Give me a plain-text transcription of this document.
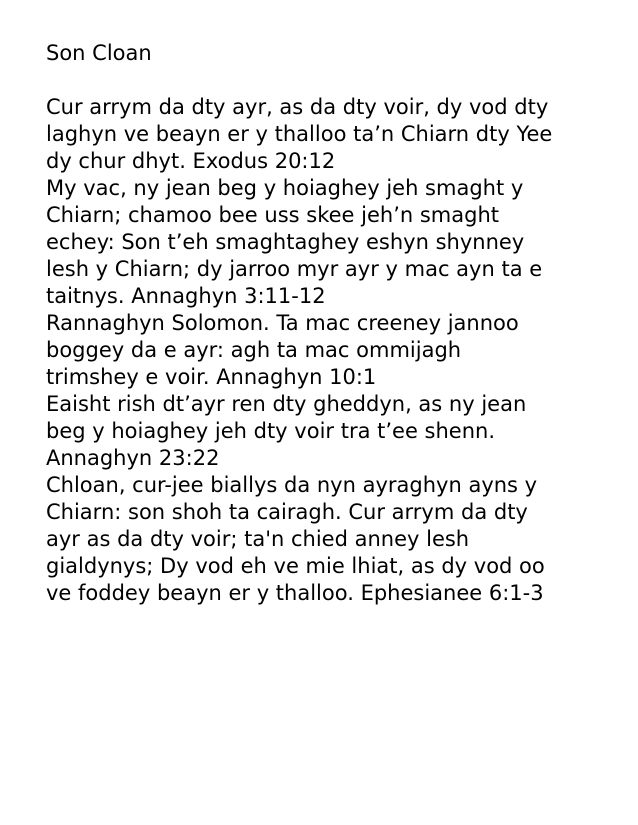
Son Cloan
Cur arrym da dty ayr, as da dty voir, dy vod dty
laghyn ve beayn er y thalloo ta’n Chiarn dty Yee
dy chur dhyt. Exodus 20:12
My vac, ny jean beg y hoiaghey jeh smaght y
Chiarn; chamoo bee uss skee jeh’n smaght
echey: Son t’eh smaghtaghey eshyn shynney
lesh y Chiarn; dy jarroo myr ayr y mac ayn ta e
taitnys. Annaghyn 3:11-12
Rannaghyn Solomon. Ta mac creeney jannoo
boggey da e ayr: agh ta mac ommijagh
trimshey e voir. Annaghyn 10:1
Eaisht rish dt’ayr ren dty gheddyn, as ny jean
beg y hoiaghey jeh dty voir tra t’ee shenn.
Annaghyn 23:22
Chloan, cur-jee biallys da nyn ayraghyn ayns y
Chiarn: son shoh ta cairagh. Cur arrym da dty
ayr as da dty voir; ta'n chied anney lesh
gialdynys; Dy vod eh ve mie lhiat, as dy vod oo
ve foddey beayn er y thalloo. Ephesianee 6:1-3
